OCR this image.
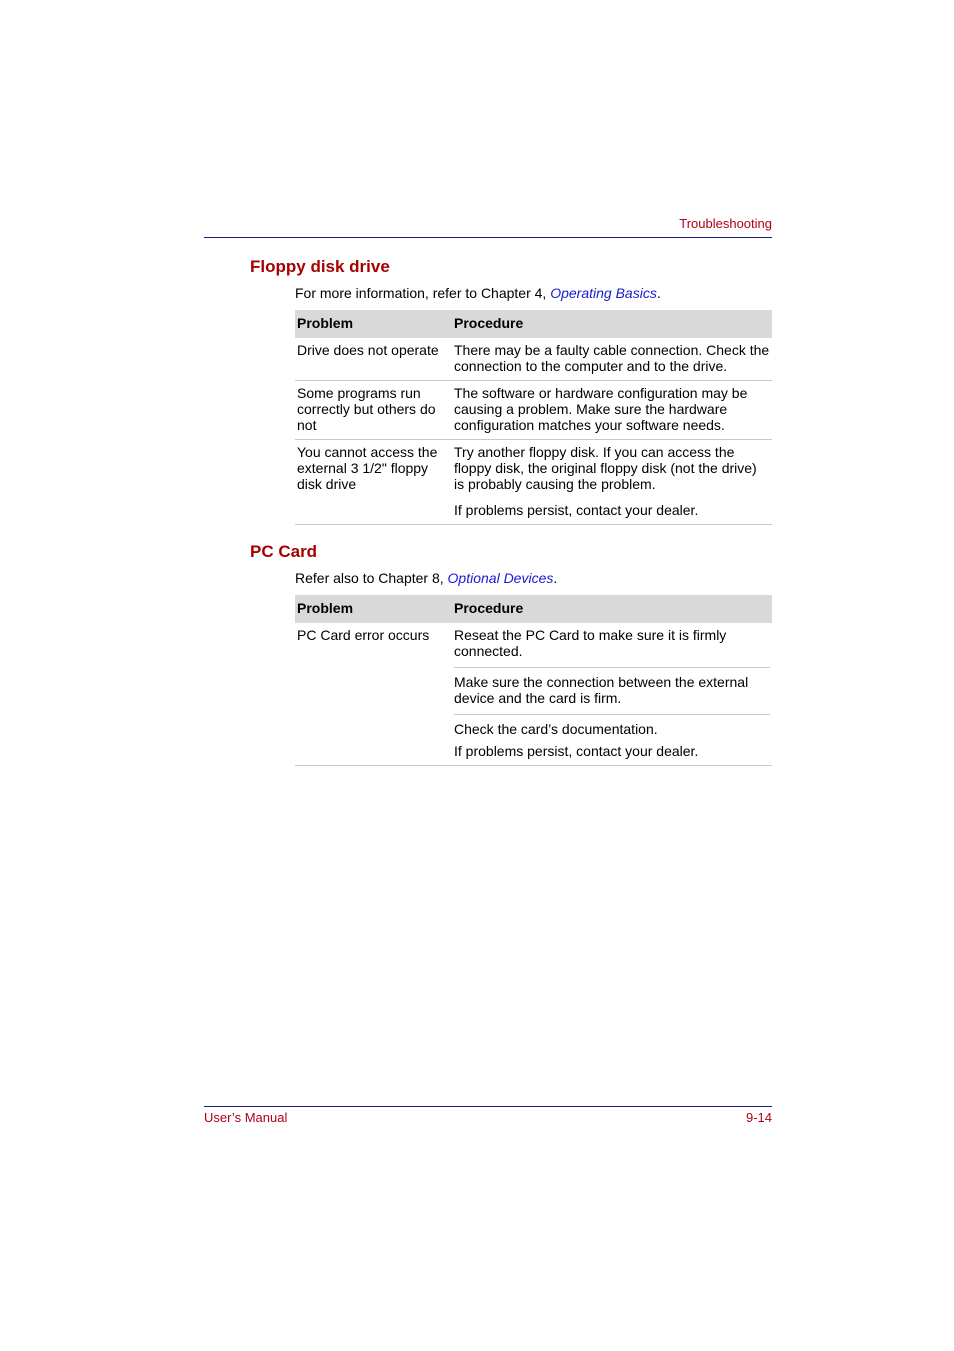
Troubleshooting
Floppy disk drive

For more information, refer to Chapter 4, Operating Basics.

Problem	Procedure
Drive does not operate	There may be a faulty cable connection. Check the connection to the computer and to the drive.

Some programs run correctly but others do not	The software or hardware configuration may be causing a problem. Make sure the hardware configuration matches your software needs.

You cannot access the external 3 1/2" floppy disk drive	Try another floppy disk. If you can access the floppy disk, the original floppy disk (not the drive) is probably causing the problem.
If problems persist, contact your dealer.
PC Card

Refer also to Chapter 8, Optional Devices.

Problem	Procedure
PC Card error occurs	Reseat the PC Card to make sure it is firmly connected.
Make sure the connection between the external device and the card is firm.
Check the card’s documentation.
If problems persist, contact your dealer.
User’s Manual	9-14
